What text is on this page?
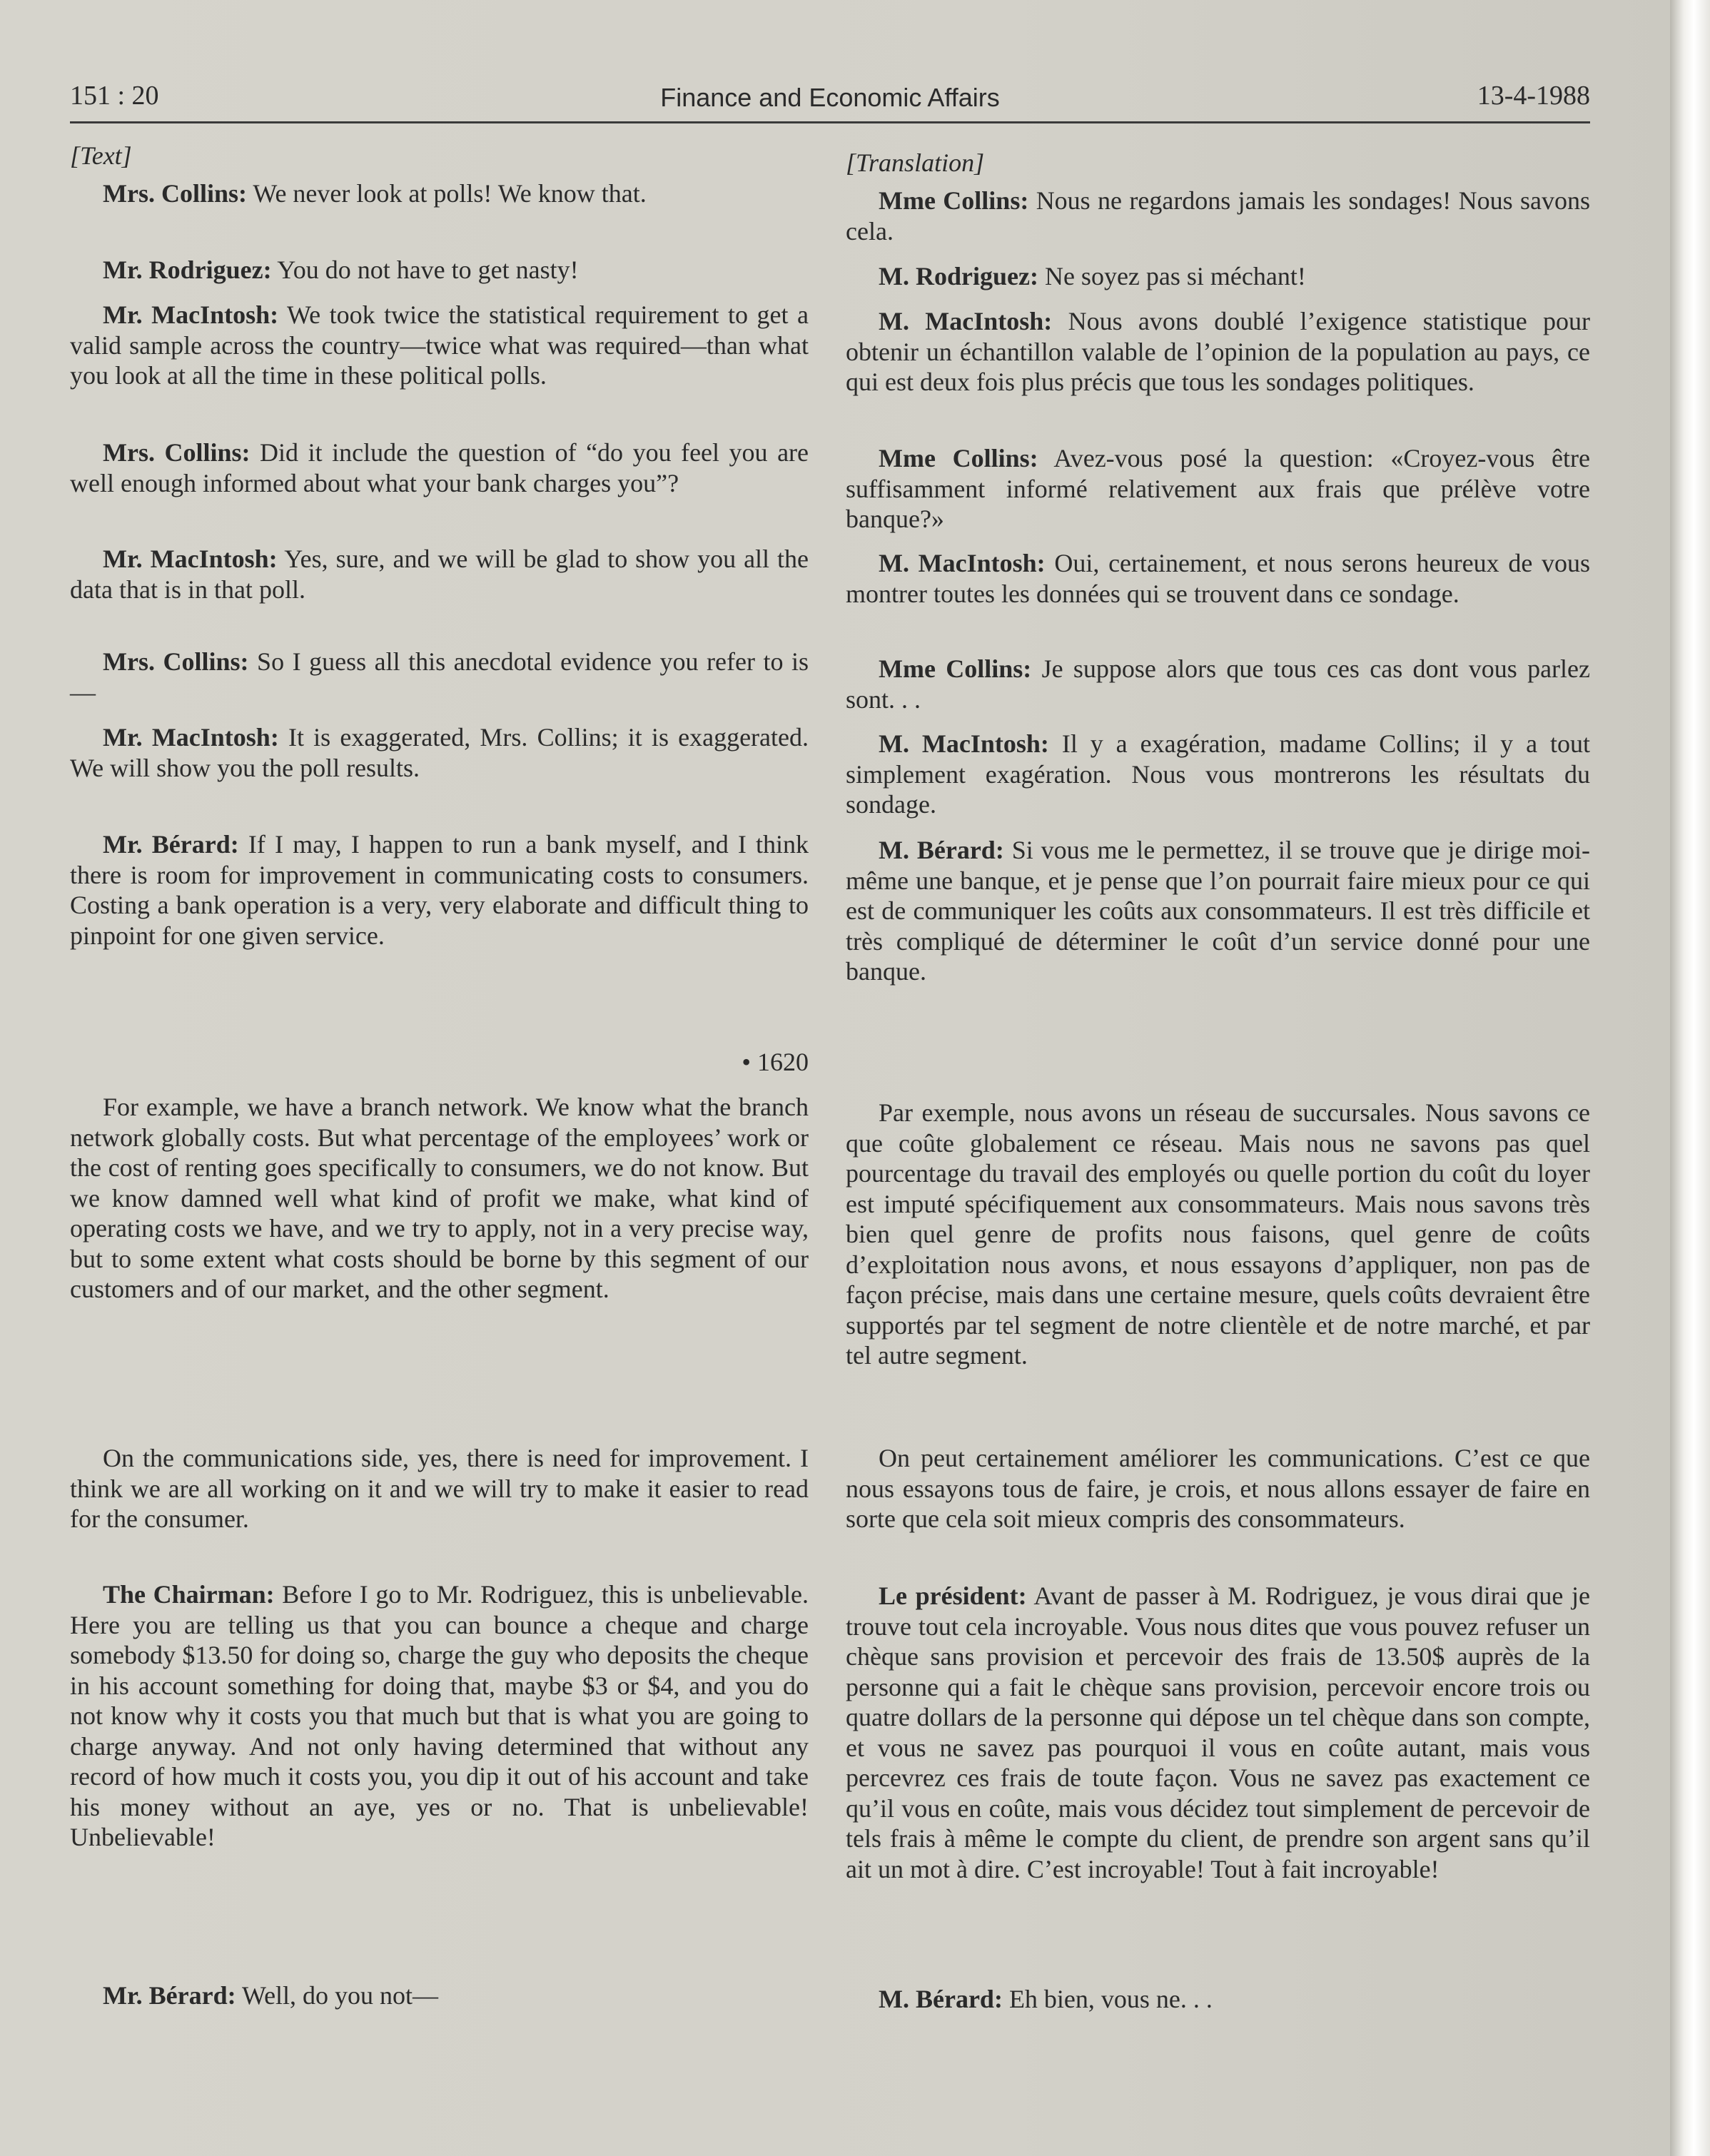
151 : 20	Finance and Economic Affairs	13-4-1988

[Text]

Mrs. Collins: We never look at polls! We know that.

Mr. Rodriguez: You do not have to get nasty!

Mr. MacIntosh: We took twice the statistical requirement to get a valid sample across the country—twice what was required—than what you look at all the time in these political polls.

Mrs. Collins: Did it include the question of “do you feel you are well enough informed about what your bank charges you”?

Mr. MacIntosh: Yes, sure, and we will be glad to show you all the data that is in that poll.

Mrs. Collins: So I guess all this anecdotal evidence you refer to is—

Mr. MacIntosh: It is exaggerated, Mrs. Collins; it is exaggerated. We will show you the poll results.

Mr. Bérard: If I may, I happen to run a bank myself, and I think there is room for improvement in communicating costs to consumers. Costing a bank operation is a very, very elaborate and difficult thing to pinpoint for one given service.

• 1620

For example, we have a branch network. We know what the branch network globally costs. But what percentage of the employees’ work or the cost of renting goes specifically to consumers, we do not know. But we know damned well what kind of profit we make, what kind of operating costs we have, and we try to apply, not in a very precise way, but to some extent what costs should be borne by this segment of our customers and of our market, and the other segment.

On the communications side, yes, there is need for improvement. I think we are all working on it and we will try to make it easier to read for the consumer.

The Chairman: Before I go to Mr. Rodriguez, this is unbelievable. Here you are telling us that you can bounce a cheque and charge somebody $13.50 for doing so, charge the guy who deposits the cheque in his account something for doing that, maybe $3 or $4, and you do not know why it costs you that much but that is what you are going to charge anyway. And not only having determined that without any record of how much it costs you, you dip it out of his account and take his money without an aye, yes or no. That is unbelievable! Unbelievable!

Mr. Bérard: Well, do you not—

[Translation]

Mme Collins: Nous ne regardons jamais les sondages! Nous savons cela.

M. Rodriguez: Ne soyez pas si méchant!

M. MacIntosh: Nous avons doublé l’exigence statistique pour obtenir un échantillon valable de l’opinion de la population au pays, ce qui est deux fois plus précis que tous les sondages politiques.

Mme Collins: Avez-vous posé la question: «Croyez-vous être suffisamment informé relativement aux frais que prélève votre banque?»

M. MacIntosh: Oui, certainement, et nous serons heureux de vous montrer toutes les données qui se trouvent dans ce sondage.

Mme Collins: Je suppose alors que tous ces cas dont vous parlez sont. . .

M. MacIntosh: Il y a exagération, madame Collins; il y a tout simplement exagération. Nous vous montrerons les résultats du sondage.

M. Bérard: Si vous me le permettez, il se trouve que je dirige moi-même une banque, et je pense que l’on pourrait faire mieux pour ce qui est de communiquer les coûts aux consommateurs. Il est très difficile et très compliqué de déterminer le coût d’un service donné pour une banque.

Par exemple, nous avons un réseau de succursales. Nous savons ce que coûte globalement ce réseau. Mais nous ne savons pas quel pourcentage du travail des employés ou quelle portion du coût du loyer est imputé spécifiquement aux consommateurs. Mais nous savons très bien quel genre de profits nous faisons, quel genre de coûts d’exploitation nous avons, et nous essayons d’appliquer, non pas de façon précise, mais dans une certaine mesure, quels coûts devraient être supportés par tel segment de notre clientèle et de notre marché, et par tel autre segment.

On peut certainement améliorer les communications. C’est ce que nous essayons tous de faire, je crois, et nous allons essayer de faire en sorte que cela soit mieux compris des consommateurs.

Le président: Avant de passer à M. Rodriguez, je vous dirai que je trouve tout cela incroyable. Vous nous dites que vous pouvez refuser un chèque sans provision et percevoir des frais de 13.50$ auprès de la personne qui a fait le chèque sans provision, percevoir encore trois ou quatre dollars de la personne qui dépose un tel chèque dans son compte, et vous ne savez pas pourquoi il vous en coûte autant, mais vous percevrez ces frais de toute façon. Vous ne savez pas exactement ce qu’il vous en coûte, mais vous décidez tout simplement de percevoir de tels frais à même le compte du client, de prendre son argent sans qu’il ait un mot à dire. C’est incroyable! Tout à fait incroyable!

M. Bérard: Eh bien, vous ne. . .
